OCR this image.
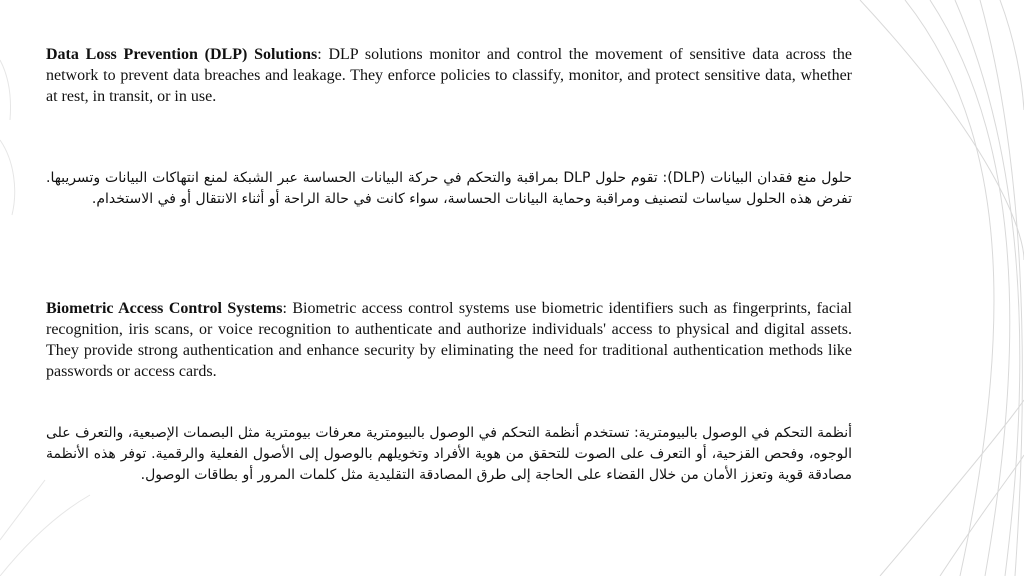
Data Loss Prevention (DLP) Solutions: DLP solutions monitor and control the movement of sensitive data across the network to prevent data breaches and leakage. They enforce policies to classify, monitor, and protect sensitive data, whether at rest, in transit, or in use.

حلول منع فقدان البيانات (DLP): تقوم حلول DLP بمراقبة والتحكم في حركة البيانات الحساسة عبر الشبكة لمنع انتهاكات البيانات وتسريبها. تفرض هذه الحلول سياسات لتصنيف ومراقبة وحماية البيانات الحساسة، سواء كانت في حالة الراحة أو أثناء الانتقال أو في الاستخدام.

Biometric Access Control Systems: Biometric access control systems use biometric identifiers such as fingerprints, facial recognition, iris scans, or voice recognition to authenticate and authorize individuals' access to physical and digital assets. They provide strong authentication and enhance security by eliminating the need for traditional authentication methods like passwords or access cards.

أنظمة التحكم في الوصول بالبيومترية: تستخدم أنظمة التحكم في الوصول بالبيومترية معرفات بيومترية مثل البصمات الإصبعية، والتعرف على الوجوه، وفحص القزحية، أو التعرف على الصوت للتحقق من هوية الأفراد وتخويلهم بالوصول إلى الأصول الفعلية والرقمية. توفر هذه الأنظمة مصادقة قوية وتعزز الأمان من خلال القضاء على الحاجة إلى طرق المصادقة التقليدية مثل كلمات المرور أو بطاقات الوصول.
